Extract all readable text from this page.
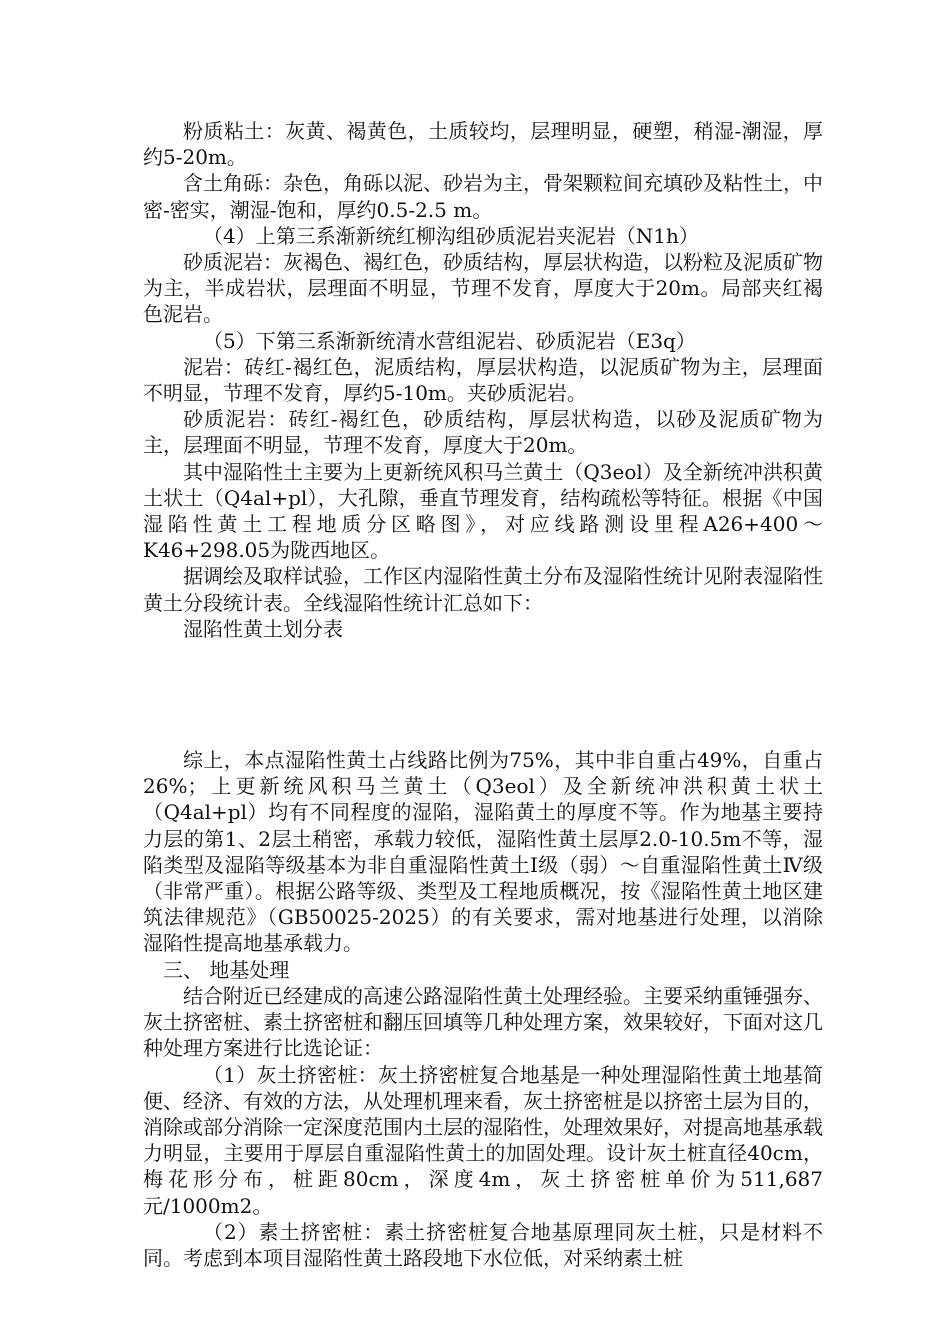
粉质粘土：灰黄、褐黄色，土质较均，层理明显，硬塑，稍湿-潮湿，厚约5-20m。

含土角砾：杂色，角砾以泥、砂岩为主，骨架颗粒间充填砂及粘性土，中密-密实，潮湿-饱和，厚约0.5-2.5 m。

（4）上第三系渐新统红柳沟组砂质泥岩夹泥岩（N1h）

砂质泥岩：灰褐色、褐红色，砂质结构，厚层状构造，以粉粒及泥质矿物为主，半成岩状，层理面不明显，节理不发育，厚度大于20m。局部夹红褐色泥岩。

（5）下第三系渐新统清水营组泥岩、砂质泥岩（E3q）

泥岩：砖红-褐红色，泥质结构，厚层状构造，以泥质矿物为主，层理面不明显，节理不发育，厚约5-10m。夹砂质泥岩。

砂质泥岩：砖红-褐红色，砂质结构，厚层状构造，以砂及泥质矿物为主，层理面不明显，节理不发育，厚度大于20m。

其中湿陷性土主要为上更新统风积马兰黄土（Q3eol）及全新统冲洪积黄土状土（Q4al+pl），大孔隙，垂直节理发育，结构疏松等特征。根据《中国湿陷性黄土工程地质分区略图》，对应线路测设里程A26+400～K46+298.05为陇西地区。

据调绘及取样试验，工作区内湿陷性黄土分布及湿陷性统计见附表湿陷性黄土分段统计表。全线湿陷性统计汇总如下：

湿陷性黄土划分表

综上，本点湿陷性黄土占线路比例为75%，其中非自重占49%，自重占26%；上更新统风积马兰黄土（Q3eol）及全新统冲洪积黄土状土（Q4al+pl）均有不同程度的湿陷，湿陷黄土的厚度不等。作为地基主要持力层的第1、2层土稍密，承载力较低，湿陷性黄土层厚2.0-10.5m不等，湿陷类型及湿陷等级基本为非自重湿陷性黄土Ⅰ级（弱）～自重湿陷性黄土Ⅳ级（非常严重）。根据公路等级、类型及工程地质概况，按《湿陷性黄土地区建筑法律规范》（GB50025-2025）的有关要求，需对地基进行处理，以消除湿陷性提高地基承载力。

三、 地基处理

结合附近已经建成的高速公路湿陷性黄土处理经验。主要采纳重锤强夯、灰土挤密桩、素土挤密桩和翻压回填等几种处理方案，效果较好，下面对这几种处理方案进行比选论证：

（1）灰土挤密桩：灰土挤密桩复合地基是一种处理湿陷性黄土地基简便、经济、有效的方法，从处理机理来看，灰土挤密桩是以挤密土层为目的，消除或部分消除一定深度范围内土层的湿陷性，处理效果好，对提高地基承载力明显，主要用于厚层自重湿陷性黄土的加固处理。设计灰土桩直径40cm，梅花形分布，桩距80cm，深度4m，灰土挤密桩单价为511,687元/1000m2。

（2）素土挤密桩：素土挤密桩复合地基原理同灰土桩，只是材料不同。考虑到本项目湿陷性黄土路段地下水位低，对采纳素土桩
